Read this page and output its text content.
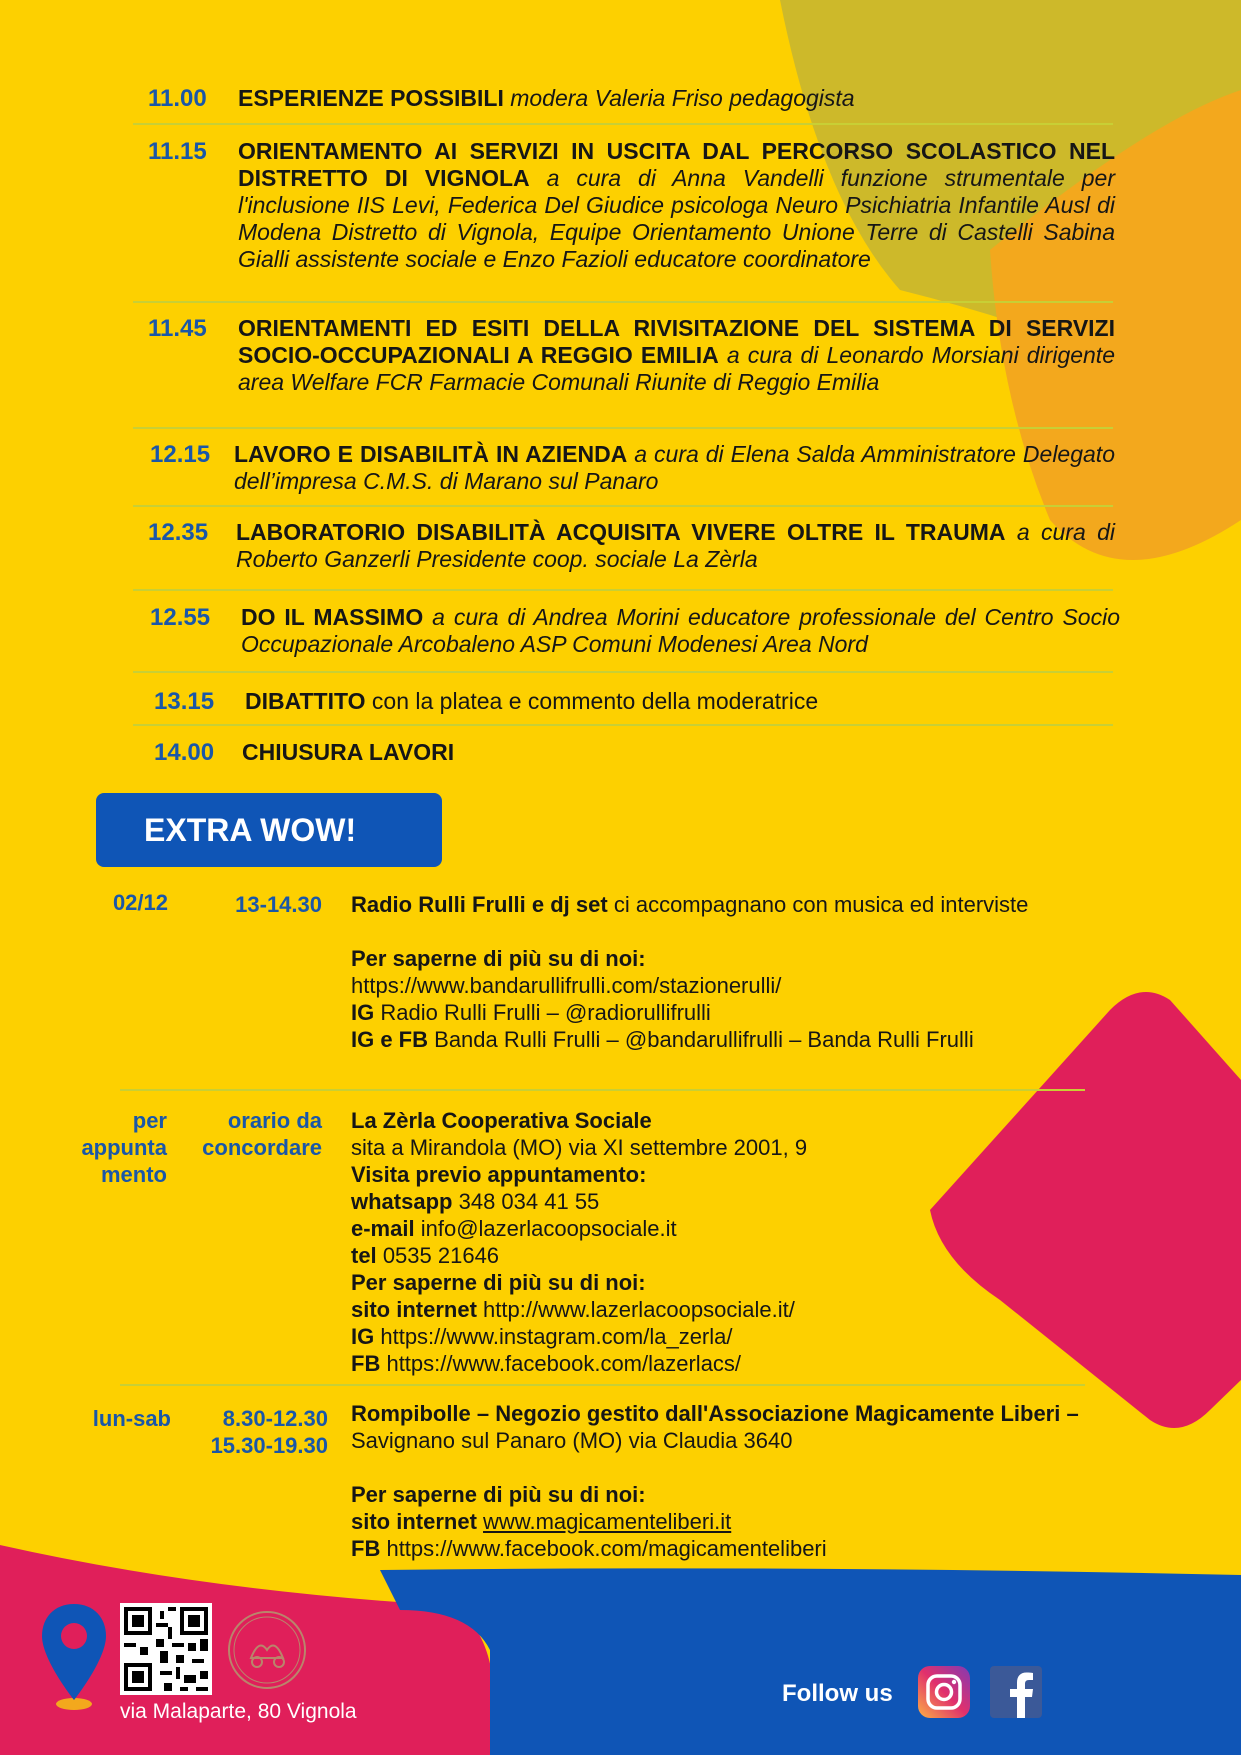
11.00 ESPERIENZE POSSIBILI modera Valeria Friso pedagogista
11.15 ORIENTAMENTO AI SERVIZI IN USCITA DAL PERCORSO SCOLASTICO NEL DISTRETTO DI VIGNOLA a cura di Anna Vandelli funzione strumentale per l'inclusione IIS Levi, Federica Del Giudice psicologa Neuro Psichiatria Infantile Ausl di Modena Distretto di Vignola, Equipe Orientamento Unione Terre di Castelli Sabina Gialli assistente sociale e Enzo Fazioli educatore coordinatore
11.45 ORIENTAMENTI ED ESITI DELLA RIVISITAZIONE DEL SISTEMA DI SERVIZI SOCIO-OCCUPAZIONALI A REGGIO EMILIA a cura di Leonardo Morsiani dirigente area Welfare FCR Farmacie Comunali Riunite di Reggio Emilia
12.15 LAVORO E DISABILITÀ IN AZIENDA a cura di Elena Salda Amministratore Delegato dell’impresa C.M.S. di Marano sul Panaro
12.35 LABORATORIO DISABILITÀ ACQUISITA VIVERE OLTRE IL TRAUMA a cura di Roberto Ganzerli Presidente coop. sociale La Zèrla
12.55 DO IL MASSIMO a cura di Andrea Morini educatore professionale del Centro Socio Occupazionale Arcobaleno ASP Comuni Modenesi Area Nord
13.15 DIBATTITO con la platea e commento della moderatrice
14.00 CHIUSURA LAVORI
EXTRA WOW!
02/12	13-14.30 Radio Rulli Frulli e dj set ci accompagnano con musica ed interviste
Per saperne di più su di noi:
https://www.bandarullifrulli.com/stazionerulli/
IG Radio Rulli Frulli – @radiorullifrulli
IG e FB Banda Rulli Frulli – @bandarullifrulli – Banda Rulli Frulli
per appunta mento
orario da concordare
La Zèrla Cooperativa Sociale
sita a Mirandola (MO) via XI settembre 2001, 9
Visita previo appuntamento:
whatsapp 348 034 41 55
e-mail info@lazerlacoopsociale.it
tel 0535 21646
Per saperne di più su di noi:
sito internet http://www.lazerlacoopsociale.it/
IG https://www.instagram.com/la_zerla/
FB https://www.facebook.com/lazerlacs/
lun-sab	8.30-12.30
15.30-19.30
Rompibolle – Negozio gestito dall'Associazione Magicamente Liberi – Savignano sul Panaro (MO) via Claudia 3640
Per saperne di più su di noi:
sito internet www.magicamenteliberi.it
FB https://www.facebook.com/magicamenteliberi
via Malaparte, 80 Vignola
Follow us
